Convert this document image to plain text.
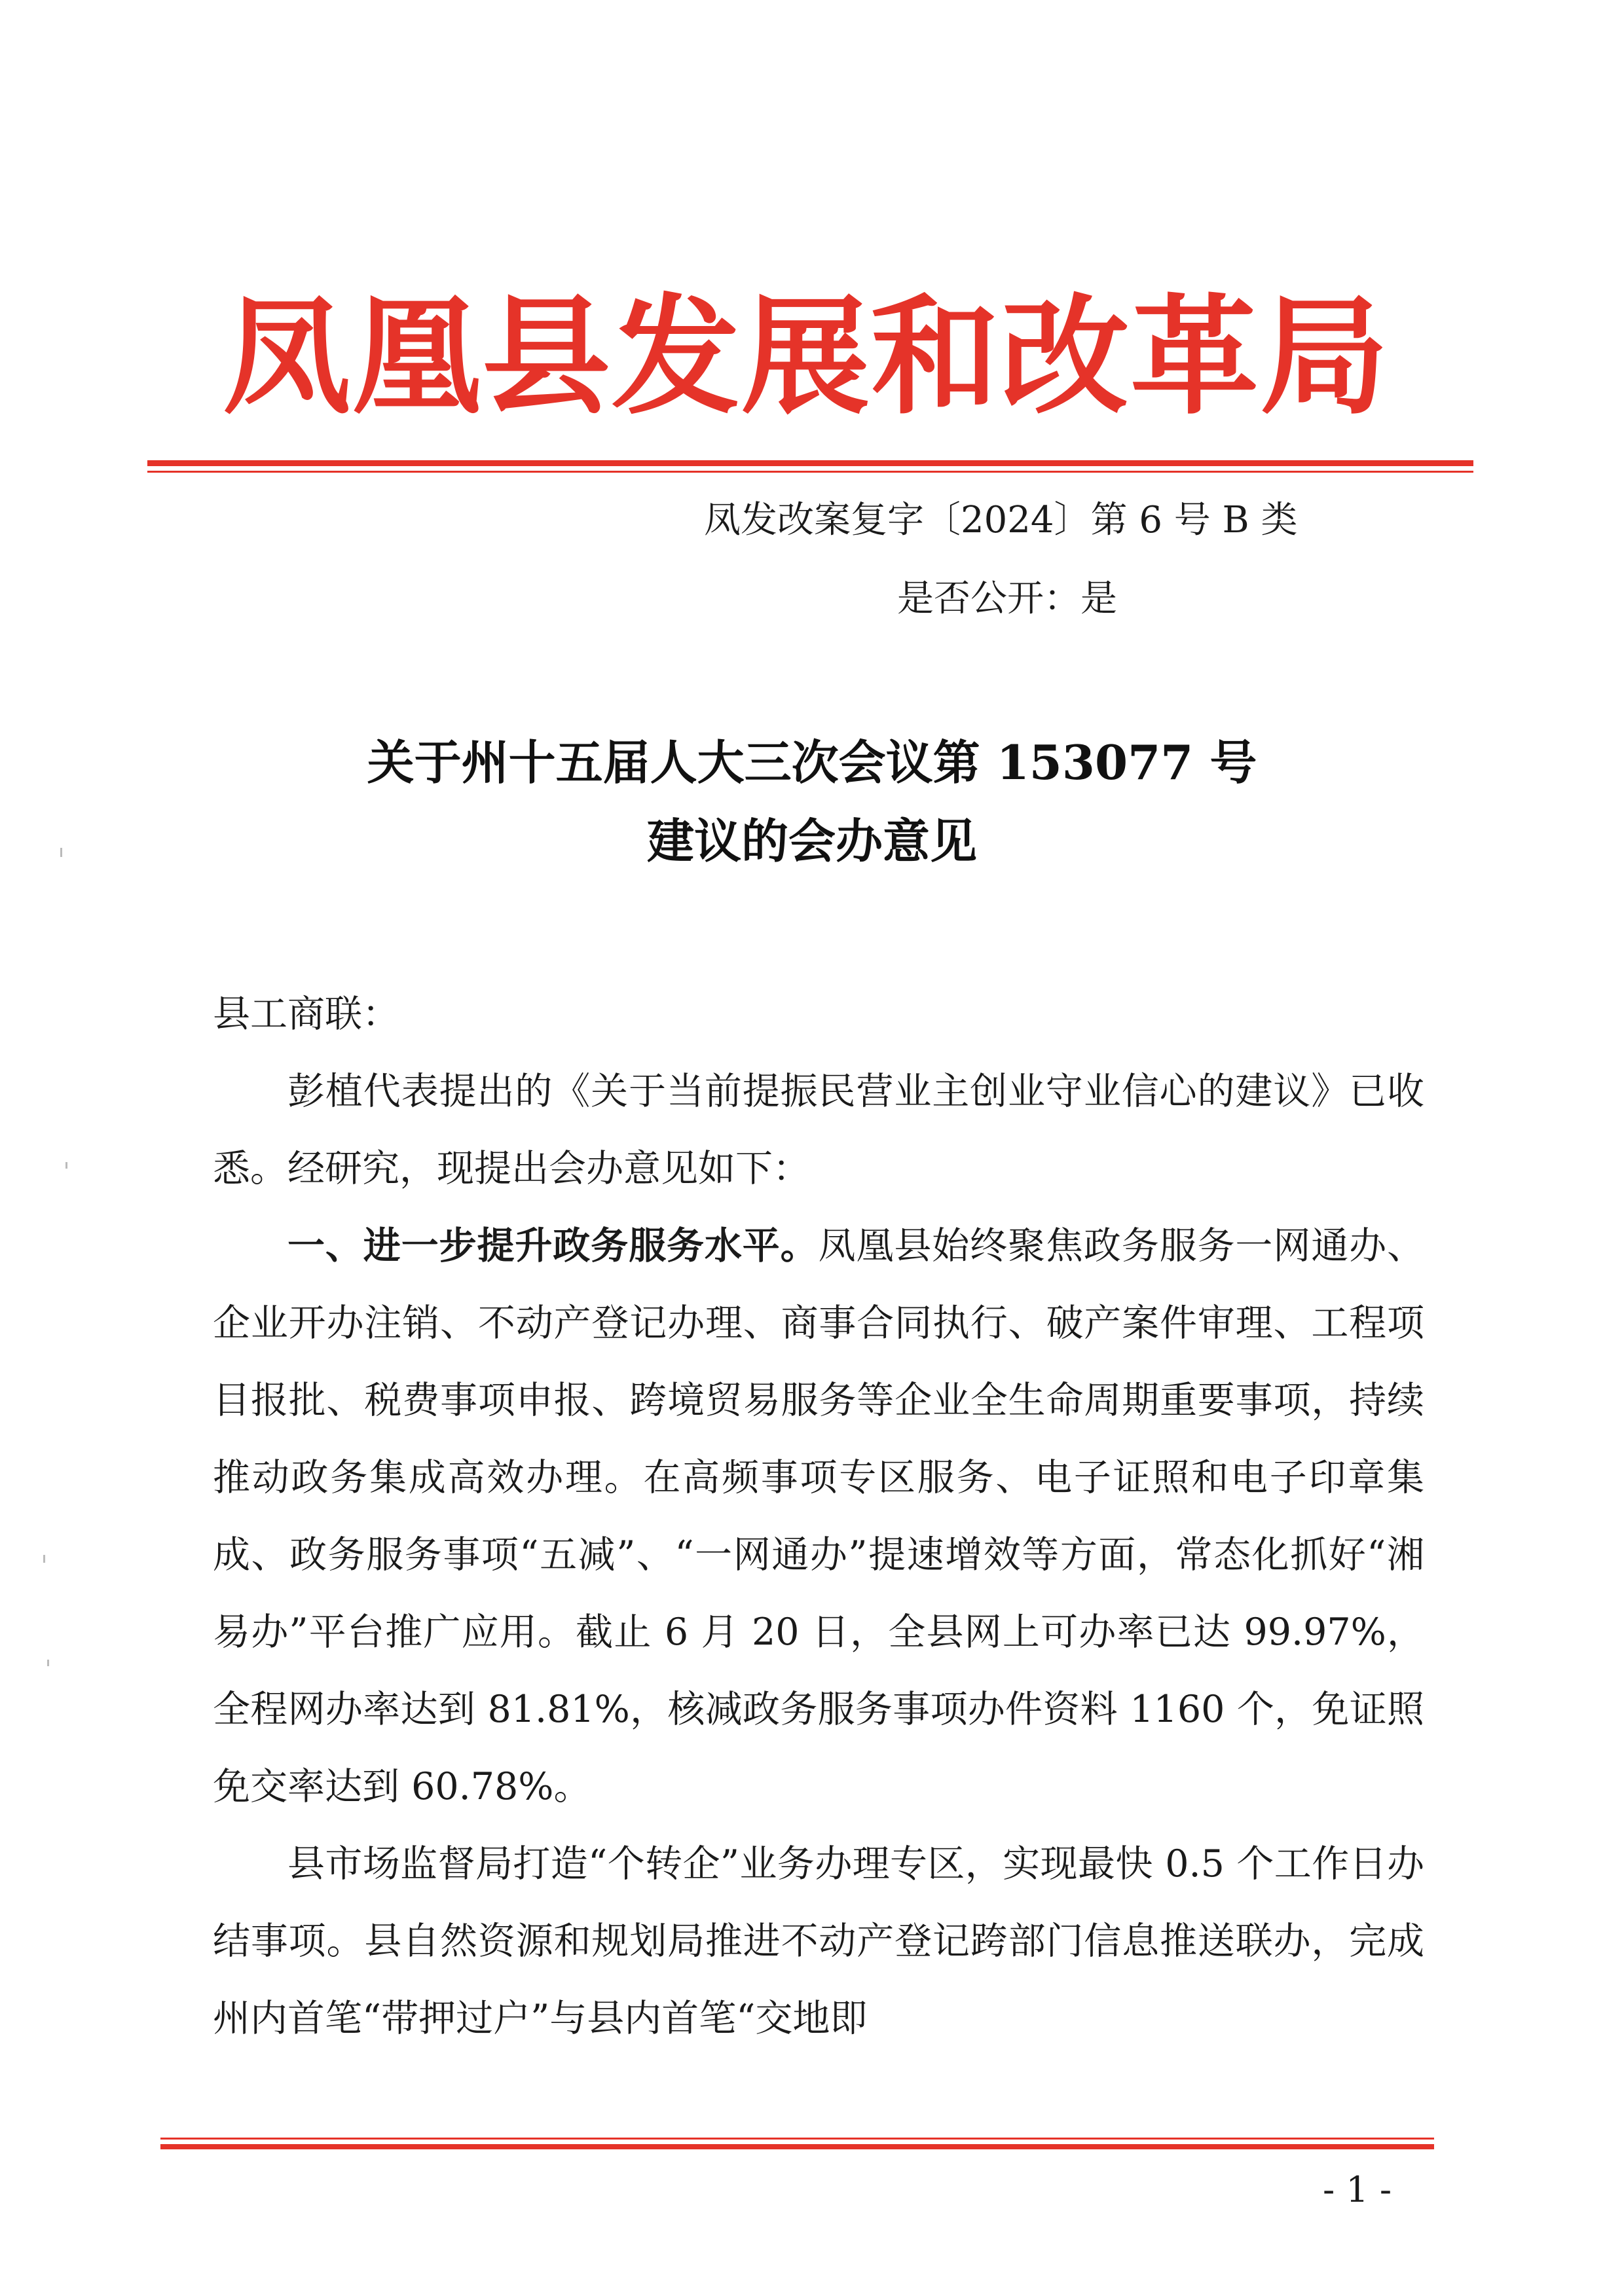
凤凰县发展和改革局
凤发改案复字〔2024〕第 6 号 B 类
是否公开：是
关于州十五届人大三次会议第 153077 号
建议的会办意见

县工商联：

彭植代表提出的《关于当前提振民营业主创业守业信心的建议》已收悉。经研究，现提出会办意见如下：

一、进一步提升政务服务水平。凤凰县始终聚焦政务服务一网通办、企业开办注销、不动产登记办理、商事合同执行、破产案件审理、工程项目报批、税费事项申报、跨境贸易服务等企业全生命周期重要事项，持续推动政务集成高效办理。在高频事项专区服务、电子证照和电子印章集成、政务服务事项“五减”、“一网通办”提速增效等方面，常态化抓好“湘易办”平台推广应用。截止 6 月 20 日，全县网上可办率已达 99.97%，全程网办率达到 81.81%，核减政务服务事项办件资料 1160 个，免证照免交率达到 60.78%。

县市场监督局打造“个转企”业务办理专区，实现最快 0.5 个工作日办结事项。县自然资源和规划局推进不动产登记跨部门信息推送联办，完成州内首笔“带押过户”与县内首笔“交地即

- 1 -
